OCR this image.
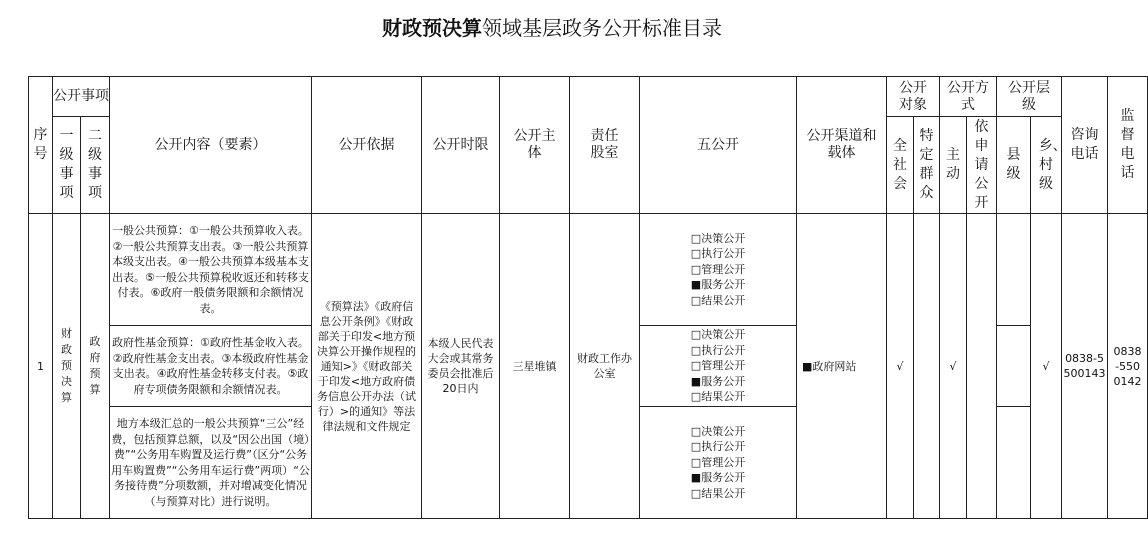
财政预决算领域基层政务公开标准目录
序号	公开事项		公开内容（要素）	公开依据	公开时限	公开主体	责任股室	五公开	公开渠道和载体	公开对象		公开方式		公开层级		咨询电话	监督电话
	一级事项	二级事项								全社会	特定群众	主动	依申请公开	县级	乡、村级		
1	财政预决算	政府预算	一般公共预算：①一般公共预算收入表。②一般公共预算支出表。③一般公共预算本级支出表。④一般公共预算本级基本支出表。⑤一般公共预算税收返还和转移支付表。⑥政府一般债务限额和余额情况表。	《预算法》《政府信息公开条例》《财政部关于印发<地方预决算公开操作规程的通知>》《财政部关于印发<地方政府债务信息公开办法（试行）>的通知》等法律法规和文件规定	本级人民代表大会或其常务委员会批准后20日内	三星堆镇	财政工作办公室	□决策公开
□执行公开
□管理公开
■服务公开
□结果公开	■政府网站	√		√			√	0838-5500143	0838-5500142
			政府性基金预算：①政府性基金收入表。②政府性基金支出表。③本级政府性基金支出表。④政府性基金转移支付表。⑤政府专项债务限额和余额情况表。					□决策公开
□执行公开
□管理公开
■服务公开
□结果公开									

			地方本级汇总的一般公共预算“三公”经费，包括预算总额，以及“因公出国（境）费”“公务用车购置及运行费”（区分“公务用车购置费”“公务用车运行费”两项）“公务接待费”分项数额，并对增减变化情况（与预算对比）进行说明。					□决策公开
□执行公开
□管理公开
■服务公开
□结果公开									
